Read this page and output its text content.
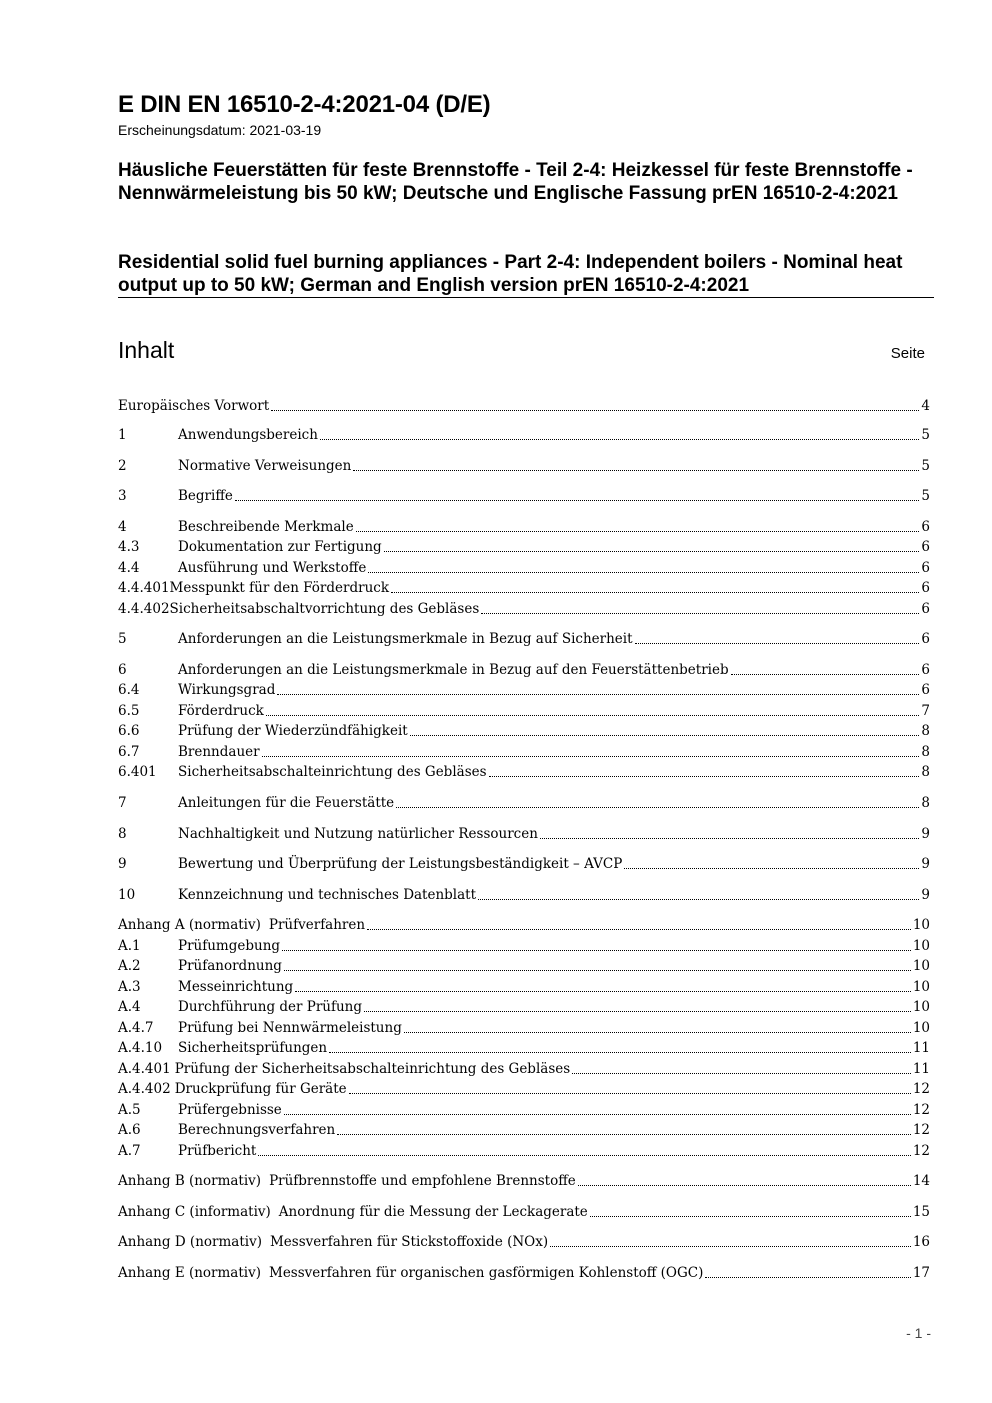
E DIN EN 16510-2-4:2021-04 (D/E)
Erscheinungsdatum: 2021-03-19
Häusliche Feuerstätten für feste Brennstoffe - Teil 2-4: Heizkessel für feste Brennstoffe - Nennwärmeleistung bis 50 kW; Deutsche und Englische Fassung prEN 16510-2-4:2021
Residential solid fuel burning appliances - Part 2-4: Independent boilers - Nominal heat output up to 50 kW; German and English version prEN 16510-2-4:2021
Inhalt	Seite
Europäisches Vorwort	4
1	Anwendungsbereich	5
2	Normative Verweisungen	5
3	Begriffe	5
4	Beschreibende Merkmale	6
4.3	Dokumentation zur Fertigung	6
4.4	Ausführung und Werkstoffe	6
4.4.401 Messpunkt für den Förderdruck	6
4.4.402 Sicherheitsabschaltvorrichtung des Gebläses	6
5	Anforderungen an die Leistungsmerkmale in Bezug auf Sicherheit	6
6	Anforderungen an die Leistungsmerkmale in Bezug auf den Feuerstättenbetrieb	6
6.4	Wirkungsgrad	6
6.5	Förderdruck	7
6.6	Prüfung der Wiederzündfähigkeit	8
6.7	Brenndauer	8
6.401	Sicherheitsabschalteinrichtung des Gebläses	8
7	Anleitungen für die Feuerstätte	8
8	Nachhaltigkeit und Nutzung natürlicher Ressourcen	9
9	Bewertung und Überprüfung der Leistungsbeständigkeit – AVCP	9
10	Kennzeichnung und technisches Datenblatt	9
Anhang A (normativ) Prüfverfahren	10
A.1	Prüfumgebung	10
A.2	Prüfanordnung	10
A.3	Messeinrichtung	10
A.4	Durchführung der Prüfung	10
A.4.7	Prüfung bei Nennwärmeleistung	10
A.4.10	Sicherheitsprüfungen	11
A.4.401 Prüfung der Sicherheitsabschalteinrichtung des Gebläses	11
A.4.402 Druckprüfung für Geräte	12
A.5	Prüfergebnisse	12
A.6	Berechnungsverfahren	12
A.7	Prüfbericht	12
Anhang B (normativ) Prüfbrennstoffe und empfohlene Brennstoffe	14
Anhang C (informativ) Anordnung für die Messung der Leckagerate	15
Anhang D (normativ) Messverfahren für Stickstoffoxide (NOx)	16
Anhang E (normativ) Messverfahren für organischen gasförmigen Kohlenstoff (OGC)	17
- 1 -
